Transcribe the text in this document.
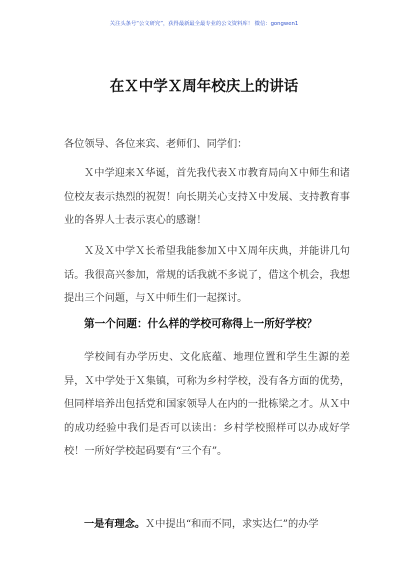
关注头条号“公文研究”，获得最新最全最专业的公文资料库！ 微信：gongwen1
在Ｘ中学Ｘ周年校庆上的讲话

各位领导、各位来宾、老师们、同学们：

Ｘ中学迎来Ｘ华诞，首先我代表Ｘ市教育局向Ｘ中师生和诸位校友表示热烈的祝贺！向长期关心支持Ｘ中发展、支持教育事业的各界人士表示衷心的感谢！

Ｘ及Ｘ中学Ｘ长希望我能参加Ｘ中Ｘ周年庆典，并能讲几句话。我很高兴参加，常规的话我就不多说了，借这个机会，我想提出三个问题，与Ｘ中师生们一起探讨。

第一个问题：什么样的学校可称得上一所好学校？

学校间有办学历史、文化底蕴、地理位置和学生生源的差异，Ｘ中学处于Ｘ集镇，可称为乡村学校，没有各方面的优势，但同样培养出包括党和国家领导人在内的一批栋梁之才。从Ｘ中的成功经验中我们是否可以读出：乡村学校照样可以办成好学校！一所好学校起码要有“三个有”。

一是有理念。Ｘ中提出“和而不同，求实达仁”的办学
